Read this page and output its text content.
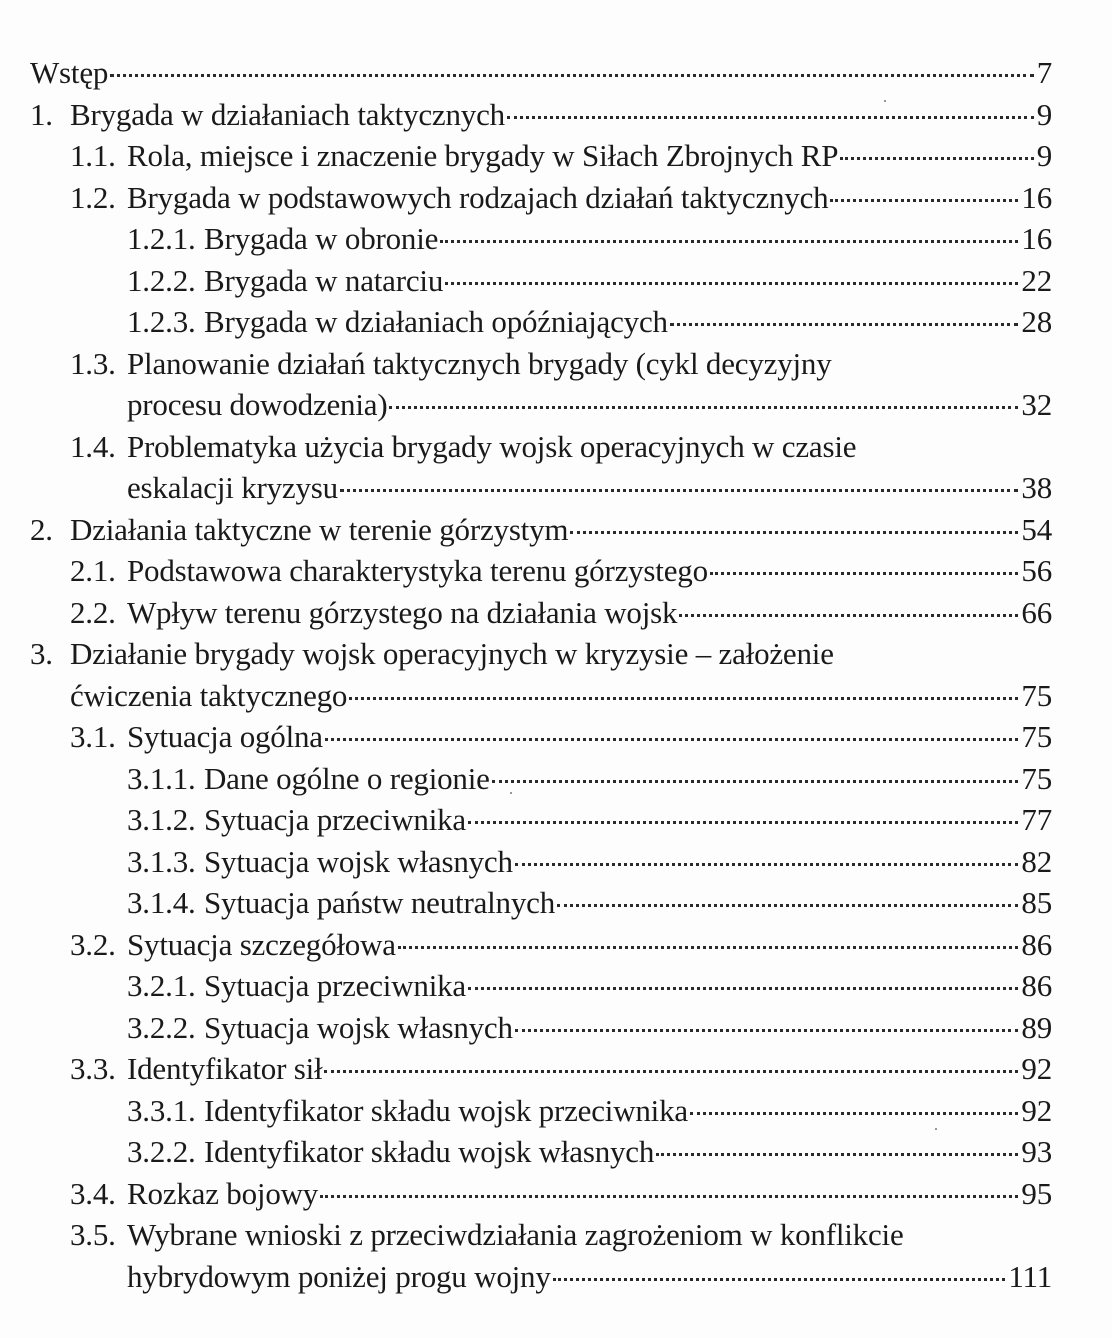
Wstęp	7
1. Brygada w działaniach taktycznych	9
1.1. Rola, miejsce i znaczenie brygady w Siłach Zbrojnych RP	9
1.2. Brygada w podstawowych rodzajach działań taktycznych	16
1.2.1. Brygada w obronie	16
1.2.2. Brygada w natarciu	22
1.2.3. Brygada w działaniach opóźniających	28
1.3. Planowanie działań taktycznych brygady (cykl decyzyjny
procesu dowodzenia)	32
1.4. Problematyka użycia brygady wojsk operacyjnych w czasie
eskalacji kryzysu	38
2. Działania taktyczne w terenie górzystym	54
2.1. Podstawowa charakterystyka terenu górzystego	56
2.2. Wpływ terenu górzystego na działania wojsk	66
3. Działanie brygady wojsk operacyjnych w kryzysie – założenie
ćwiczenia taktycznego	75
3.1. Sytuacja ogólna	75
3.1.1. Dane ogólne o regionie	75
3.1.2. Sytuacja przeciwnika	77
3.1.3. Sytuacja wojsk własnych	82
3.1.4. Sytuacja państw neutralnych	85
3.2. Sytuacja szczegółowa	86
3.2.1. Sytuacja przeciwnika	86
3.2.2. Sytuacja wojsk własnych	89
3.3. Identyfikator sił	92
3.3.1. Identyfikator składu wojsk przeciwnika	92
3.2.2. Identyfikator składu wojsk własnych	93
3.4. Rozkaz bojowy	95
3.5. Wybrane wnioski z przeciwdziałania zagrożeniom w konflikcie
hybrydowym poniżej progu wojny	111
